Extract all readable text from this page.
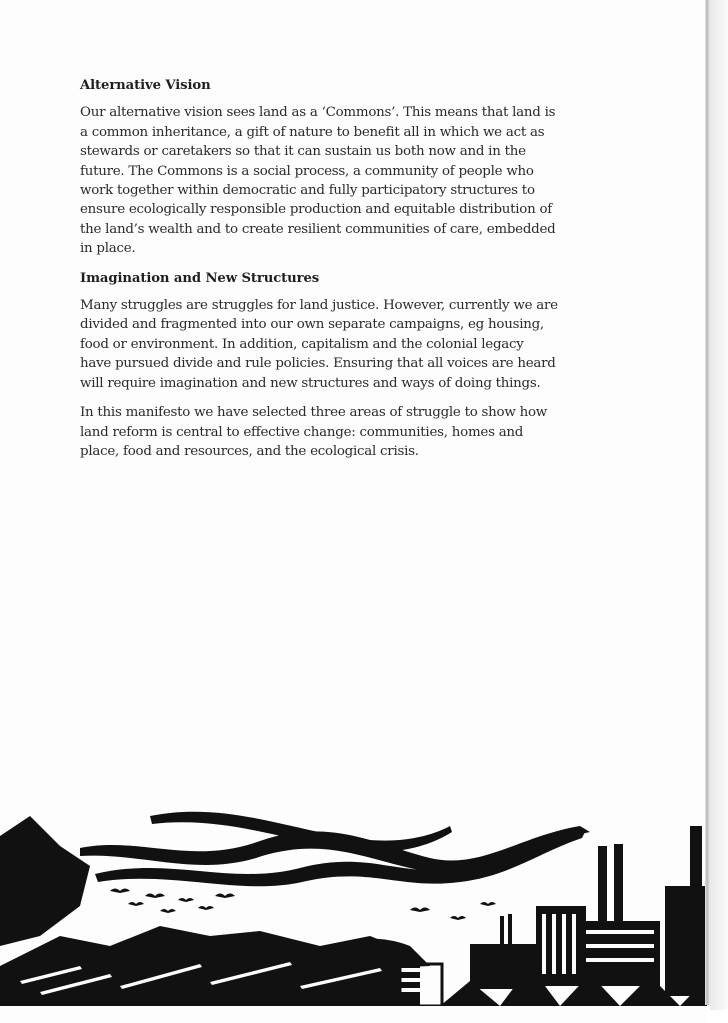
Alternative Vision

Our alternative vision sees land as a ‘Commons’. This means that land is
a common inheritance, a gift of nature to benefit all in which we act as
stewards or caretakers so that it can sustain us both now and in the
future. The Commons is a social process, a community of people who
work together within democratic and fully participatory structures to
ensure ecologically responsible production and equitable distribution of
the land’s wealth and to create resilient communities of care, embedded
in place.

Imagination and New Structures

Many struggles are struggles for land justice. However, currently we are
divided and fragmented into our own separate campaigns, eg housing,
food or environment. In addition, capitalism and the colonial legacy
have pursued divide and rule policies. Ensuring that all voices are heard
will require imagination and new structures and ways of doing things.

In this manifesto we have selected three areas of struggle to show how
land reform is central to effective change: communities, homes and
place, food and resources, and the ecological crisis.
